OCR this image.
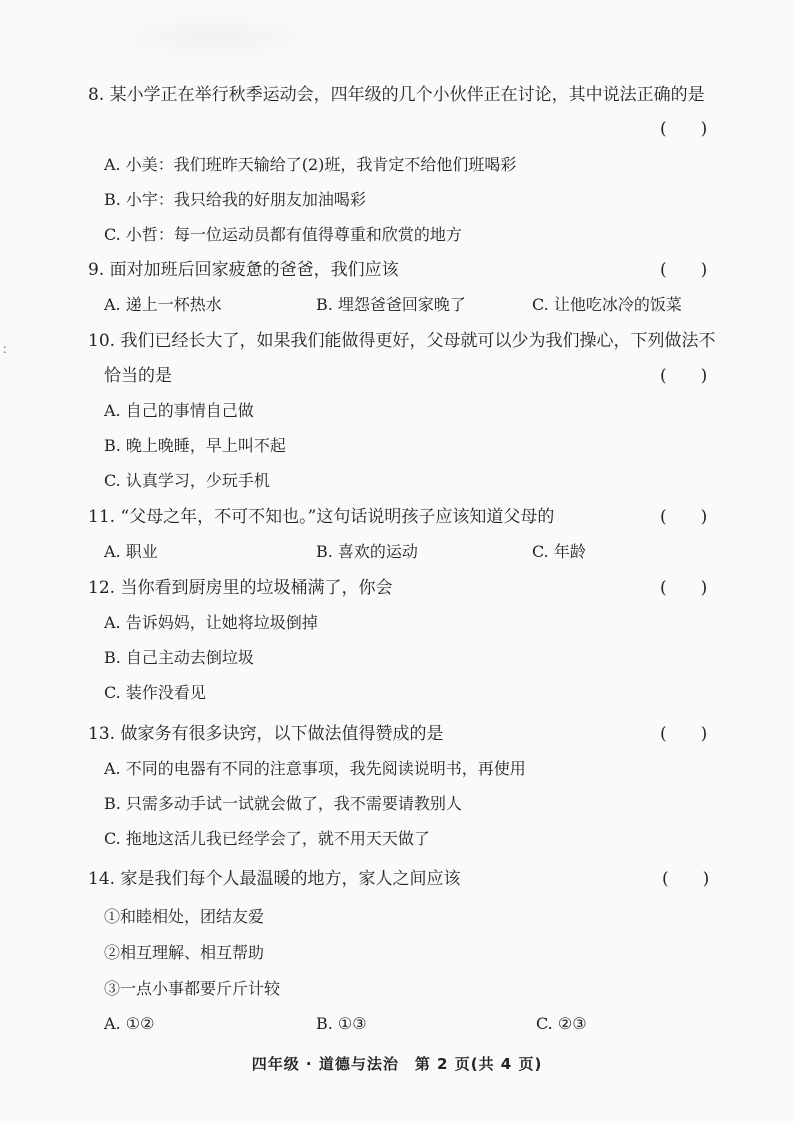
：
8. 某小学正在举行秋季运动会，四年级的几个小伙伴正在讨论，其中说法正确的是
(　　)
A. 小美：我们班昨天输给了(2)班，我肯定不给他们班喝彩
B. 小宇：我只给我的好朋友加油喝彩
C. 小哲：每一位运动员都有值得尊重和欣赏的地方
9. 面对加班后回家疲惫的爸爸，我们应该	(　　)
A. 递上一杯热水	B. 埋怨爸爸回家晚了	C. 让他吃冰冷的饭菜
10. 我们已经长大了，如果我们能做得更好，父母就可以少为我们操心，下列做法不
恰当的是	(　　)
A. 自己的事情自己做
B. 晚上晚睡，早上叫不起
C. 认真学习，少玩手机
11. “父母之年，不可不知也。”这句话说明孩子应该知道父母的	(　　)
A. 职业	B. 喜欢的运动	C. 年龄
12. 当你看到厨房里的垃圾桶满了，你会	(　　)
A. 告诉妈妈，让她将垃圾倒掉
B. 自己主动去倒垃圾
C. 装作没看见
13. 做家务有很多诀窍，以下做法值得赞成的是	(　　)
A. 不同的电器有不同的注意事项，我先阅读说明书，再使用
B. 只需多动手试一试就会做了，我不需要请教别人
C. 拖地这活儿我已经学会了，就不用天天做了
14. 家是我们每个人最温暖的地方，家人之间应该	(　　)
①和睦相处，团结友爱
②相互理解、相互帮助
③一点小事都要斤斤计较
A. ①②	B. ①③	C. ②③
四年级 · 道德与法治　第 2 页(共 4 页)
